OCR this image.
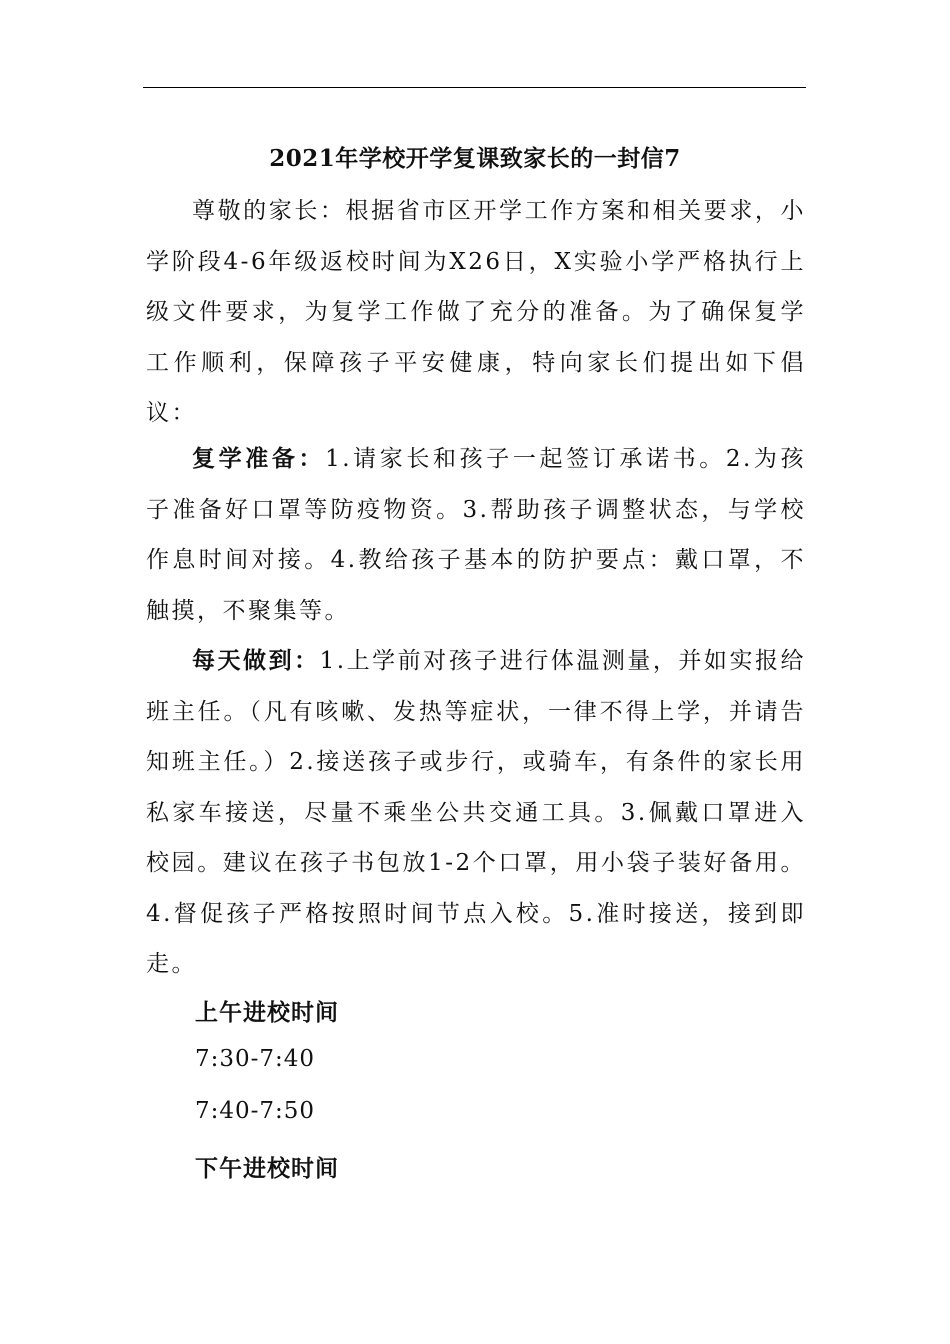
2021年学校开学复课致家长的一封信7

尊敬的家长：根据省市区开学工作方案和相关要求，小学阶段4-6年级返校时间为X26日，X实验小学严格执行上级文件要求，为复学工作做了充分的准备。为了确保复学工作顺利，保障孩子平安健康，特向家长们提出如下倡议：

复学准备：1.请家长和孩子一起签订承诺书。2.为孩子准备好口罩等防疫物资。3.帮助孩子调整状态，与学校作息时间对接。4.教给孩子基本的防护要点：戴口罩，不触摸，不聚集等。

每天做到：1.上学前对孩子进行体温测量，并如实报给班主任。（凡有咳嗽、发热等症状，一律不得上学，并请告知班主任。）2.接送孩子或步行，或骑车，有条件的家长用私家车接送，尽量不乘坐公共交通工具。3.佩戴口罩进入校园。建议在孩子书包放1-2个口罩，用小袋子装好备用。4.督促孩子严格按照时间节点入校。5.准时接送，接到即走。

上午进校时间
7:30-7:40
7:40-7:50
下午进校时间
